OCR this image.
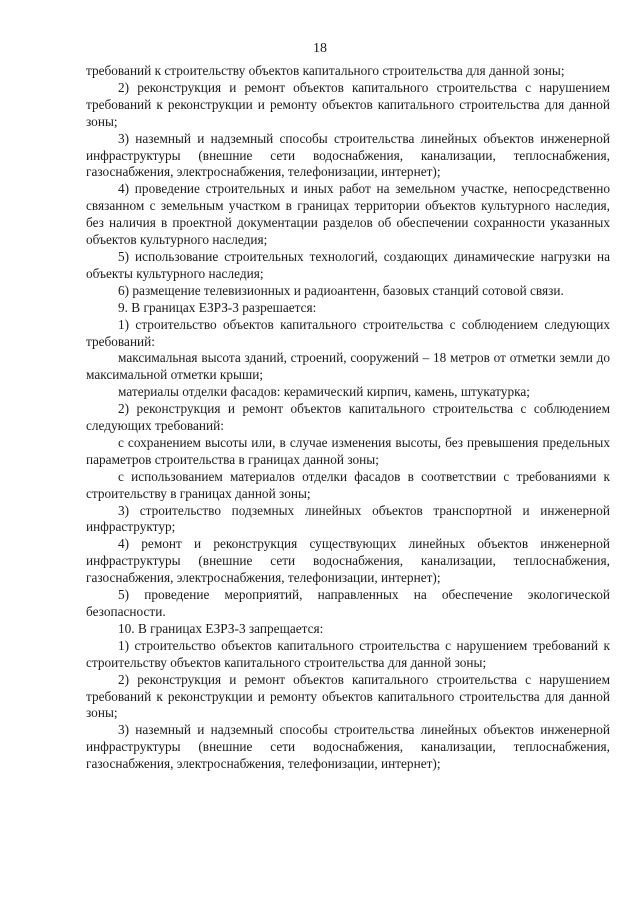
18

требований к строительству объектов капитального строительства для данной зоны;

2) реконструкция и ремонт объектов капитального строительства с нарушением требований к реконструкции и ремонту объектов капитального строительства для данной зоны;

3) наземный и надземный способы строительства линейных объектов инженерной инфраструктуры (внешние сети водоснабжения, канализации, теплоснабжения, газоснабжения, электроснабжения, телефонизации, интернет);

4) проведение строительных и иных работ на земельном участке, непосредственно связанном с земельным участком в границах территории объектов культурного наследия, без наличия в проектной документации разделов об обеспечении сохранности указанных объектов культурного наследия;

5) использование строительных технологий, создающих динамические нагрузки на объекты культурного наследия;

6) размещение телевизионных и радиоантенн, базовых станций сотовой связи.

9. В границах ЕЗРЗ-3 разрешается:

1) строительство объектов капитального строительства с соблюдением следующих требований:

максимальная высота зданий, строений, сооружений – 18 метров от отметки земли до максимальной отметки крыши;

материалы отделки фасадов: керамический кирпич, камень, штукатурка;

2) реконструкция и ремонт объектов капитального строительства с соблюдением следующих требований:

с сохранением высоты или, в случае изменения высоты, без превышения предельных параметров строительства в границах данной зоны;

с использованием материалов отделки фасадов в соответствии с требованиями к строительству в границах данной зоны;

3) строительство подземных линейных объектов транспортной и инженерной инфраструктур;

4) ремонт и реконструкция существующих линейных объектов инженерной инфраструктуры (внешние сети водоснабжения, канализации, теплоснабжения, газоснабжения, электроснабжения, телефонизации, интернет);

5) проведение мероприятий, направленных на обеспечение экологической безопасности.

10. В границах ЕЗРЗ-3 запрещается:

1) строительство объектов капитального строительства с нарушением требований к строительству объектов капитального строительства для данной зоны;

2) реконструкция и ремонт объектов капитального строительства с нарушением требований к реконструкции и ремонту объектов капитального строительства для данной зоны;

3) наземный и надземный способы строительства линейных объектов инженерной инфраструктуры (внешние сети водоснабжения, канализации, теплоснабжения, газоснабжения, электроснабжения, телефонизации, интернет);
